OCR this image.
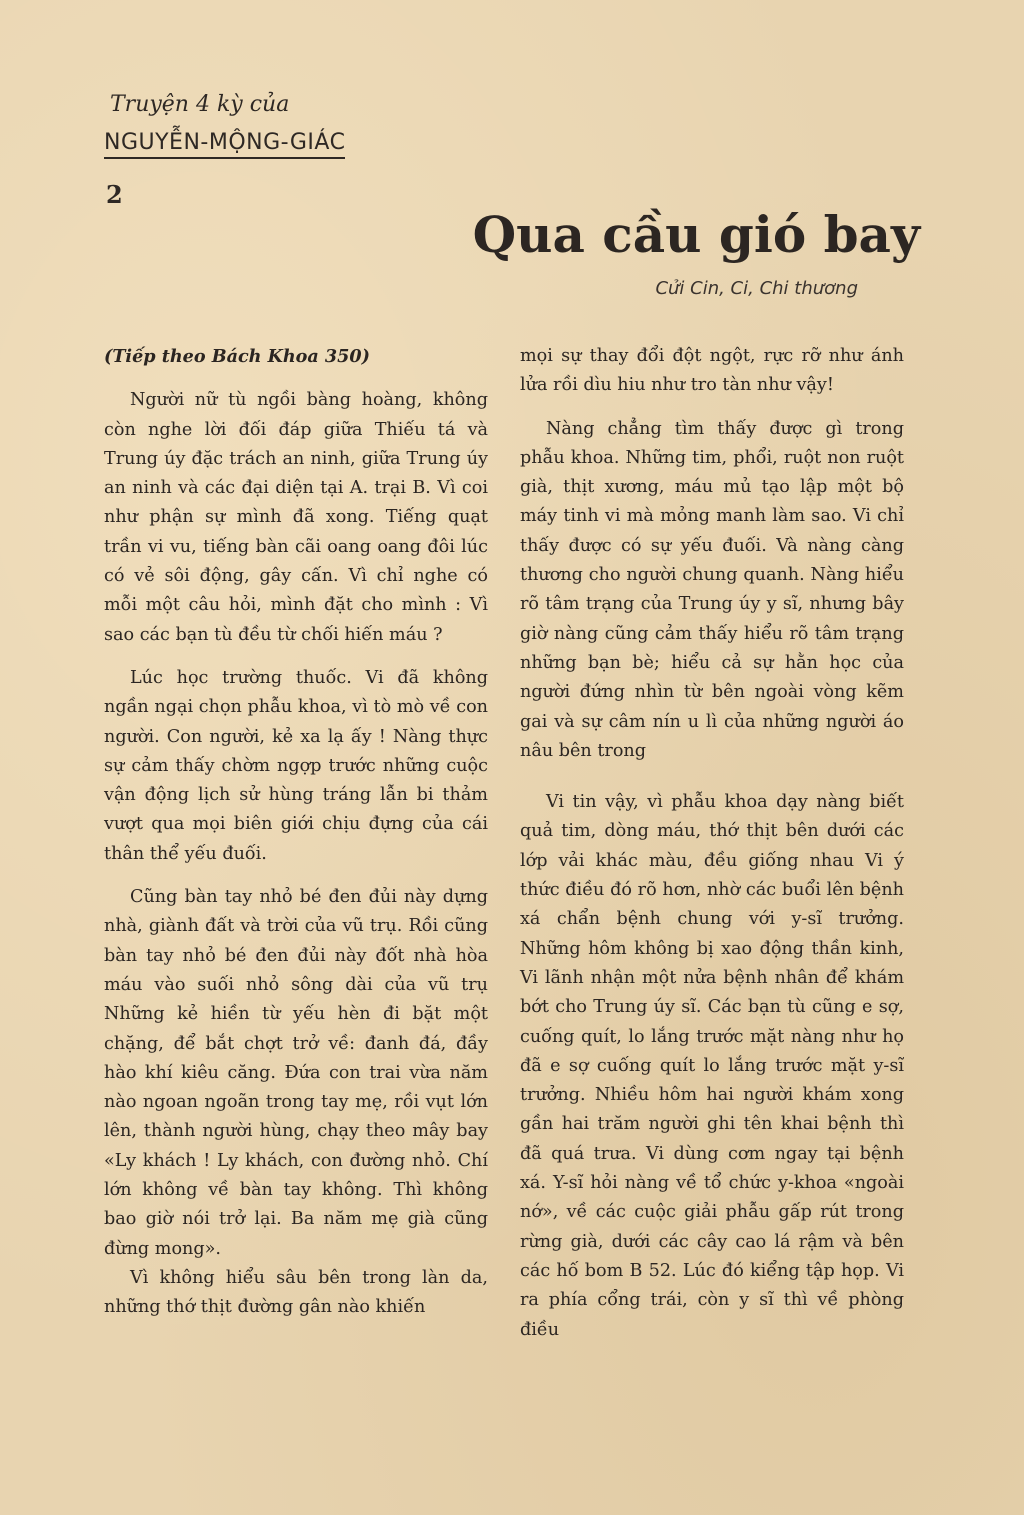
Truyện 4 kỳ của
NGUYỄN-MỘNG-GIÁC
2
Qua cầu gió bay
Cửi Cin, Ci, Chi thương

(Tiếp theo Bách Khoa 350)

Người nữ tù ngồi bàng hoàng, không còn nghe lời đối đáp giữa Thiếu tá và Trung úy đặc trách an ninh, giữa Trung úy an ninh và các đại diện tại A. trại B. Vì coi như phận sự mình đã xong. Tiếng quạt trần vi vu, tiếng bàn cãi oang oang đôi lúc có vẻ sôi động, gây cấn. Vì chỉ nghe có mỗi một câu hỏi, mình đặt cho mình : Vì sao các bạn tù đều từ chối hiến máu ?

Lúc học trường thuốc. Vi đã không ngần ngại chọn phẫu khoa, vì tò mò về con người. Con người, kẻ xa lạ ấy ! Nàng thực sự cảm thấy chờm ngợp trước những cuộc vận động lịch sử hùng tráng lẫn bi thảm vượt qua mọi biên giới chịu đựng của cái thân thể yếu đuối.

Cũng bàn tay nhỏ bé đen đủi này dựng nhà, giành đất và trời của vũ trụ. Rồi cũng bàn tay nhỏ bé đen đủi này đốt nhà hòa máu vào suối nhỏ sông dài của vũ trụ Những kẻ hiền từ yếu hèn đi bặt một chặng, để bắt chợt trở về: đanh đá, đầy hào khí kiêu căng. Đứa con trai vừa năm nào ngoan ngoãn trong tay mẹ, rồi vụt lớn lên, thành người hùng, chạy theo mây bay «Ly khách ! Ly khách, con đường nhỏ. Chí lớn không về bàn tay không. Thì không bao giờ nói trở lại. Ba năm mẹ già cũng đừng mong».

Vì không hiểu sâu bên trong làn da, những thớ thịt đường gân nào khiến

mọi sự thay đổi đột ngột, rực rỡ như ánh lửa rồi dìu hiu như tro tàn như vậy!

Nàng chẳng tìm thấy được gì trong phẫu khoa. Những tim, phổi, ruột non ruột già, thịt xương, máu mủ tạo lập một bộ máy tinh vi mà mỏng manh làm sao. Vi chỉ thấy được có sự yếu đuối. Và nàng càng thương cho người chung quanh. Nàng hiểu rõ tâm trạng của Trung úy y sĩ, nhưng bây giờ nàng cũng cảm thấy hiểu rõ tâm trạng những bạn bè; hiểu cả sự hằn học của người đứng nhìn từ bên ngoài vòng kẽm gai và sự câm nín u lì của những người áo nâu bên trong

Vi tin vậy, vì phẫu khoa dạy nàng biết quả tim, dòng máu, thớ thịt bên dưới các lớp vải khác màu, đều giống nhau Vi ý thức điều đó rõ hơn, nhờ các buổi lên bệnh xá chẩn bệnh chung với y-sĩ trưởng. Những hôm không bị xao động thần kinh, Vi lãnh nhận một nửa bệnh nhân để khám bớt cho Trung úy sĩ. Các bạn tù cũng e sợ, cuống quít, lo lắng trước mặt nàng như họ đã e sợ cuống quít lo lắng trước mặt y-sĩ trưởng. Nhiều hôm hai người khám xong gần hai trăm người ghi tên khai bệnh thì đã quá trưa. Vi dùng cơm ngay tại bệnh xá. Y-sĩ hỏi nàng về tổ chức y-khoa «ngoài nớ», về các cuộc giải phẫu gấp rút trong rừng già, dưới các cây cao lá rậm và bên các hố bom B 52. Lúc đó kiểng tập họp. Vi ra phía cổng trái, còn y sĩ thì về phòng điều
